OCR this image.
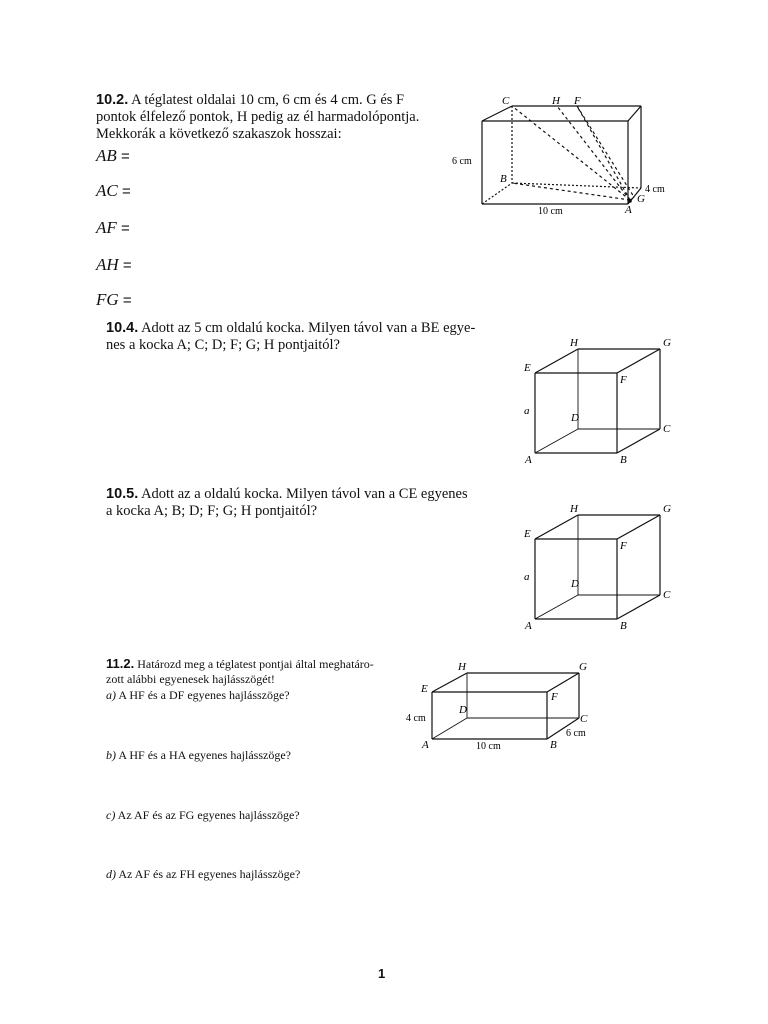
10.2. A téglatest oldalai 10 cm, 6 cm és 4 cm. G és F
pontok élfelező pontok, H pedig az él harmadolópontja.
Mekkorák a következő szakaszok hosszai:
AB =
AC =
AF =
AH =
FG =
C	H F
B
A
G
6 cm
4 cm
10 cm
10.4. Adott az 5 cm oldalú kocka. Milyen távol van a BE egye-
nes a kocka A; C; D; F; G; H pontjaitól?	H	G
E
F
a
D
C
A	B
10.5. Adott az a oldalú kocka. Milyen távol van a CE egyenes
a kocka A; B; D; F; G; H pontjaitól?	H	G
E
F
a
D
C
A	B
11.2. Határozd meg a téglatest pontjai által meghatáro-
zott alábbi egyenesek hajlásszögét!
a) A HF és a DF egyenes hajlásszöge?
b) A HF és a HA egyenes hajlásszöge?
c) Az AF és az FG egyenes hajlásszöge?
d) Az AF és az FH egyenes hajlásszöge?
H	G
E
F
D
C
A	B
4 cm
6 cm
10 cm
1
